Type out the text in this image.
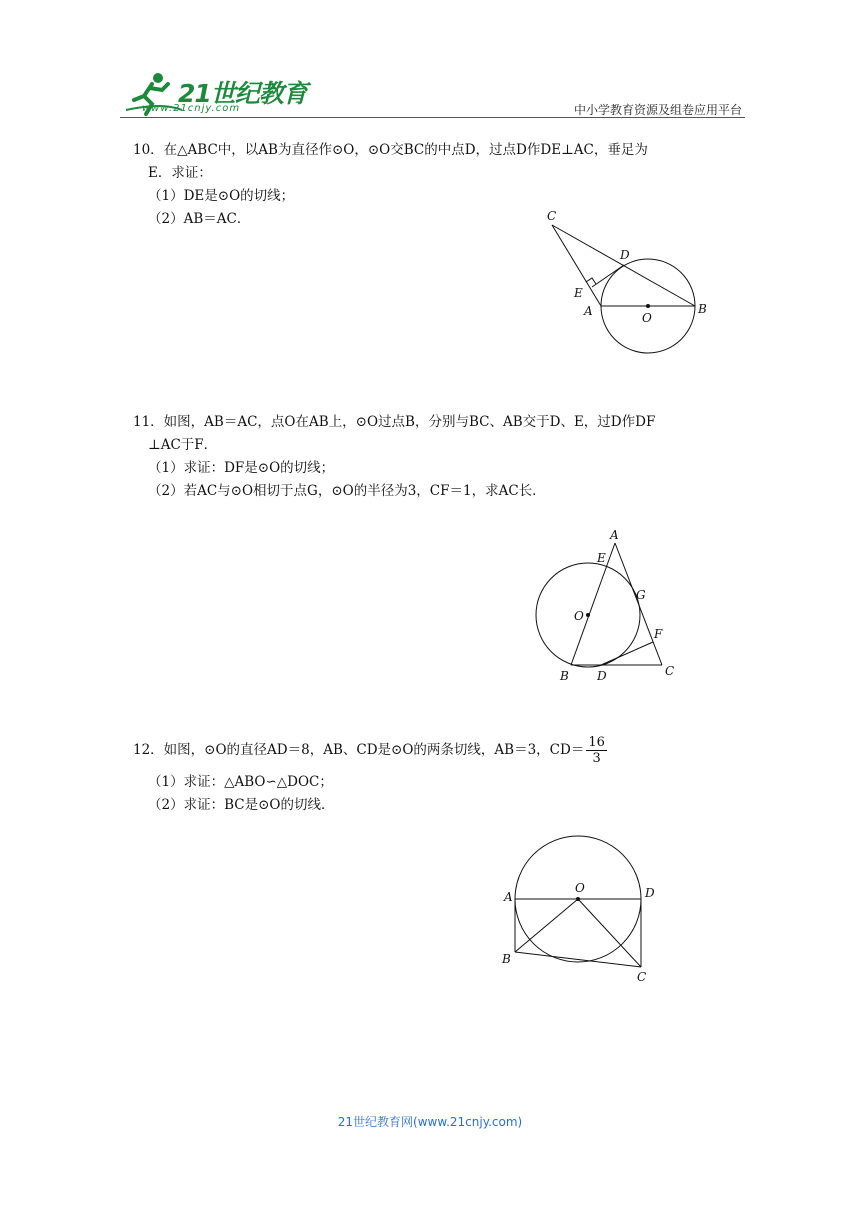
21世纪教育
www.21cnjy.com	中小学教育资源及组卷应用平台
10．在△ABC中，以AB为直径作⊙O，⊙O交BC的中点D，过点D作DE⊥AC，垂足为
E．求证：
（1）DE是⊙O的切线；
（2）AB＝AC．	C
D
E
A	O
B
11．如图，AB＝AC，点O在AB上，⊙O过点B，分别与BC、AB交于D、E，过D作DF
⊥AC于F．
（1）求证：DF是⊙O的切线；
（2）若AC与⊙O相切于点G，⊙O的半径为3，CF＝1，求AC长．
A
E
G
O
F
B D	C
12．如图，⊙O的直径AD＝8，AB、CD是⊙O的两条切线，AB＝3，$CD= \frac{16}{3}$
（1）求证：△ABO∽△DOC；
（2）求证：BC是⊙O的切线．
A
O	D
B
C
21世纪教育网(www.21cnjy.com)
